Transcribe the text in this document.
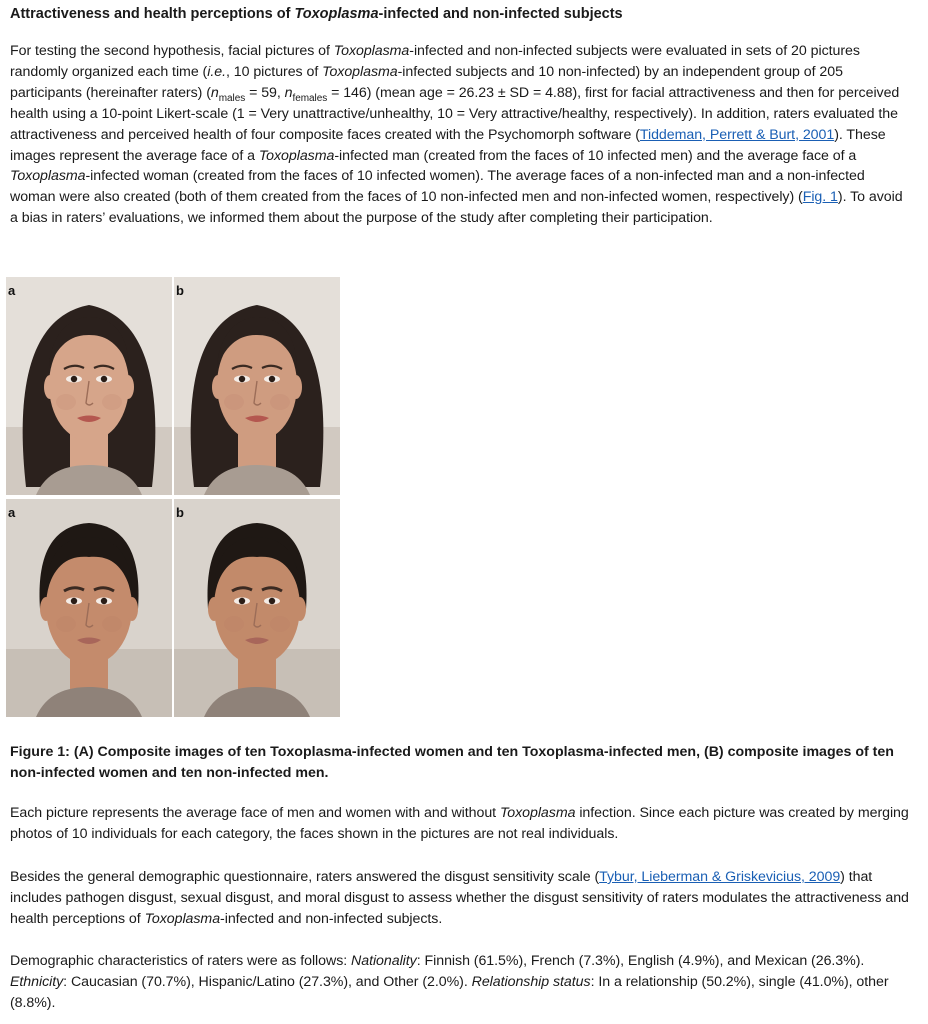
Attractiveness and health perceptions of Toxoplasma-infected and non-infected subjects

For testing the second hypothesis, facial pictures of Toxoplasma-infected and non-infected subjects were evaluated in sets of 20 pictures randomly organized each time (i.e., 10 pictures of Toxoplasma-infected subjects and 10 non-infected) by an independent group of 205 participants (hereinafter raters) ($n_{males} = 59$, $n_{females} = 146$) (mean age = 26.23 ± SD = 4.88), first for facial attractiveness and then for perceived health using a 10-point Likert-scale (1 = Very unattractive/unhealthy, 10 = Very attractive/healthy, respectively). In addition, raters evaluated the attractiveness and perceived health of four composite faces created with the Psychomorph software (Tiddeman, Perrett & Burt, 2001). These images represent the average face of a Toxoplasma-infected man (created from the faces of 10 infected men) and the average face of a Toxoplasma-infected woman (created from the faces of 10 infected women). The average faces of a non-infected man and a non-infected woman were also created (both of them created from the faces of 10 non-infected men and non-infected women, respectively) (Fig. 1). To avoid a bias in raters’ evaluations, we informed them about the purpose of the study after completing their participation.

a	b
a	b
Figure 1: (A) Composite images of ten Toxoplasma-infected women and ten Toxoplasma-infected men, (B) composite images of ten non-infected women and ten non-infected men.

Each picture represents the average face of men and women with and without Toxoplasma infection. Since each picture was created by merging photos of 10 individuals for each category, the faces shown in the pictures are not real individuals.

Besides the general demographic questionnaire, raters answered the disgust sensitivity scale (Tybur, Lieberman & Griskevicius, 2009) that includes pathogen disgust, sexual disgust, and moral disgust to assess whether the disgust sensitivity of raters modulates the attractiveness and health perceptions of Toxoplasma-infected and non-infected subjects.

Demographic characteristics of raters were as follows: Nationality: Finnish (61.5%), French (7.3%), English (4.9%), and Mexican (26.3%). Ethnicity: Caucasian (70.7%), Hispanic/Latino (27.3%), and Other (2.0%). Relationship status: In a relationship (50.2%), single (41.0%), other (8.8%).
